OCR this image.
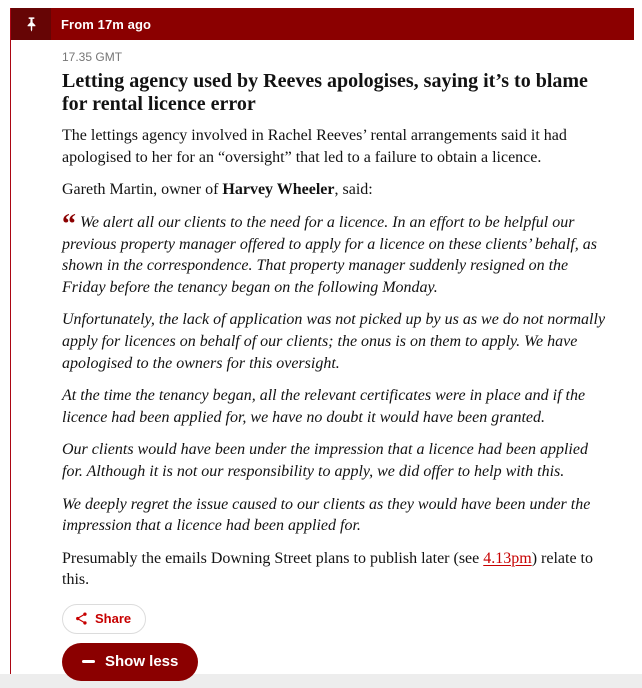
From 17m ago
17.35 GMT
Letting agency used by Reeves apologises, saying it’s to blame for rental licence error

The lettings agency involved in Rachel Reeves’ rental arrangements said it had apologised to her for an “oversight” that led to a failure to obtain a licence.

Gareth Martin, owner of Harvey Wheeler, said:

“ We alert all our clients to the need for a licence. In an effort to be helpful our previous property manager offered to apply for a licence on these clients’ behalf, as shown in the correspondence. That property manager suddenly resigned on the Friday before the tenancy began on the following Monday.

Unfortunately, the lack of application was not picked up by us as we do not normally apply for licences on behalf of our clients; the onus is on them to apply. We have apologised to the owners for this oversight.

At the time the tenancy began, all the relevant certificates were in place and if the licence had been applied for, we have no doubt it would have been granted.

Our clients would have been under the impression that a licence had been applied for. Although it is not our responsibility to apply, we did offer to help with this.

We deeply regret the issue caused to our clients as they would have been under the impression that a licence had been applied for.

Presumably the emails Downing Street plans to publish later (see 4.13pm) relate to this.

Share
Show less
